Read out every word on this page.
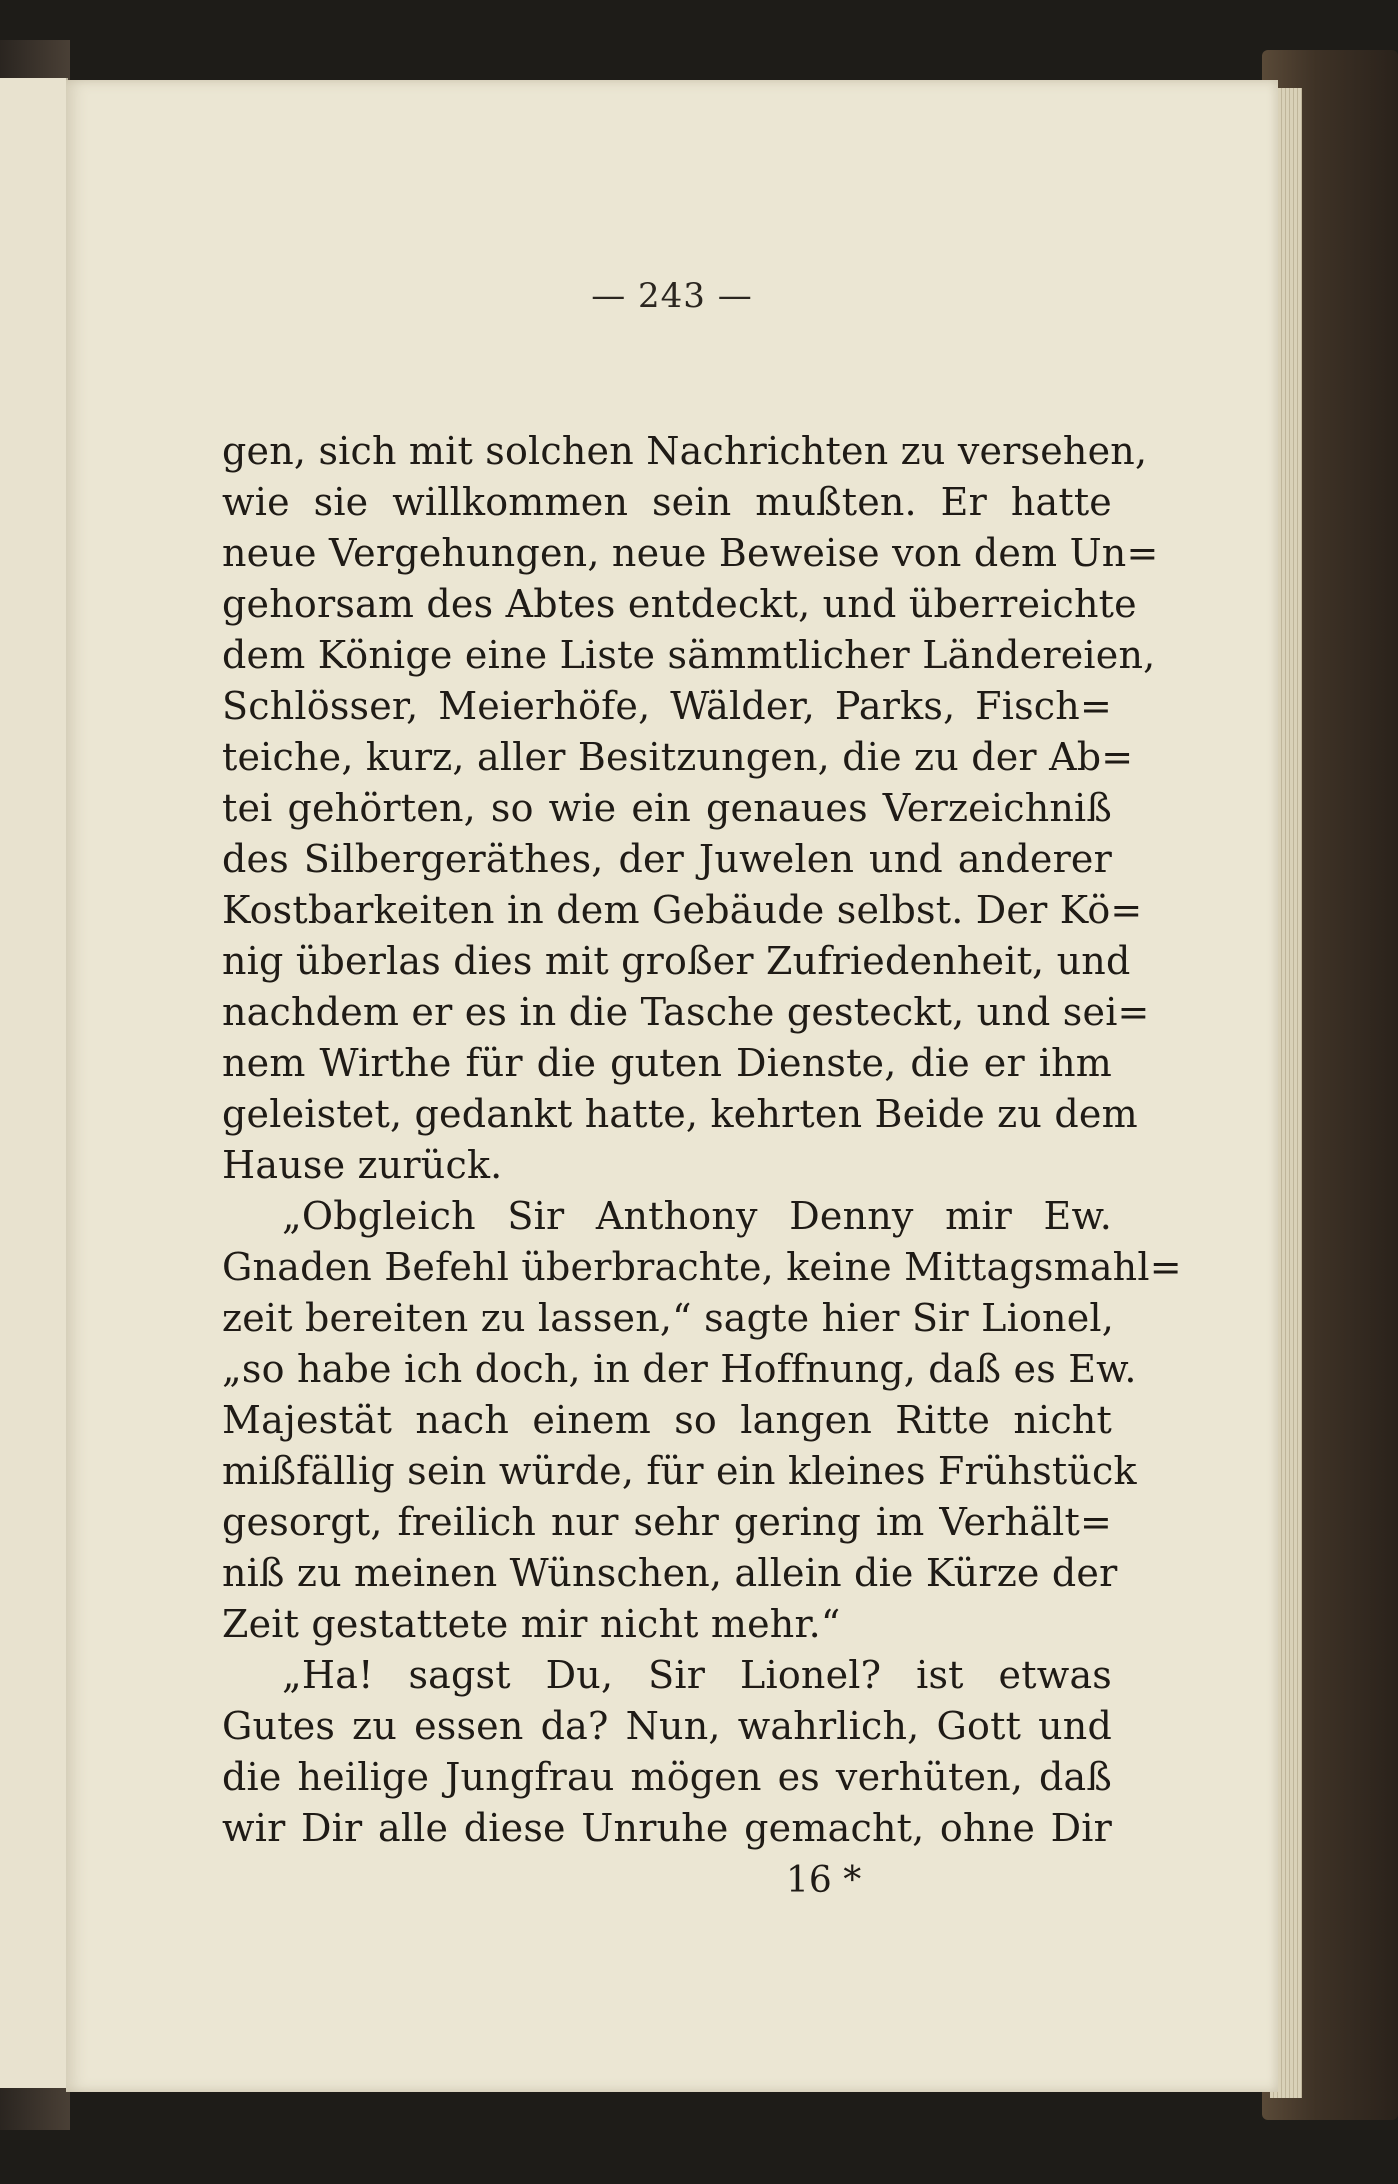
— 243 —
gen, sich mit solchen Nachrichten zu versehen,
wie sie willkommen sein mußten. Er hatte
neue Vergehungen, neue Beweise von dem Un=
gehorsam des Abtes entdeckt, und überreichte
dem Könige eine Liste sämmtlicher Ländereien,
Schlösser, Meierhöfe, Wälder, Parks, Fisch=
teiche, kurz, aller Besitzungen, die zu der Ab=
tei gehörten, so wie ein genaues Verzeichniß
des Silbergeräthes, der Juwelen und anderer
Kostbarkeiten in dem Gebäude selbst. Der Kö=
nig überlas dies mit großer Zufriedenheit, und
nachdem er es in die Tasche gesteckt, und sei=
nem Wirthe für die guten Dienste, die er ihm
geleistet, gedankt hatte, kehrten Beide zu dem
Hause zurück.
„Obgleich Sir Anthony Denny mir Ew.
Gnaden Befehl überbrachte, keine Mittagsmahl=
zeit bereiten zu lassen,“ sagte hier Sir Lionel,
„so habe ich doch, in der Hoffnung, daß es Ew.
Majestät nach einem so langen Ritte nicht
mißfällig sein würde, für ein kleines Frühstück
gesorgt, freilich nur sehr gering im Verhält=
niß zu meinen Wünschen, allein die Kürze der
Zeit gestattete mir nicht mehr.“
„Ha! sagst Du, Sir Lionel? ist etwas
Gutes zu essen da? Nun, wahrlich, Gott und
die heilige Jungfrau mögen es verhüten, daß
wir Dir alle diese Unruhe gemacht, ohne Dir
16 *
